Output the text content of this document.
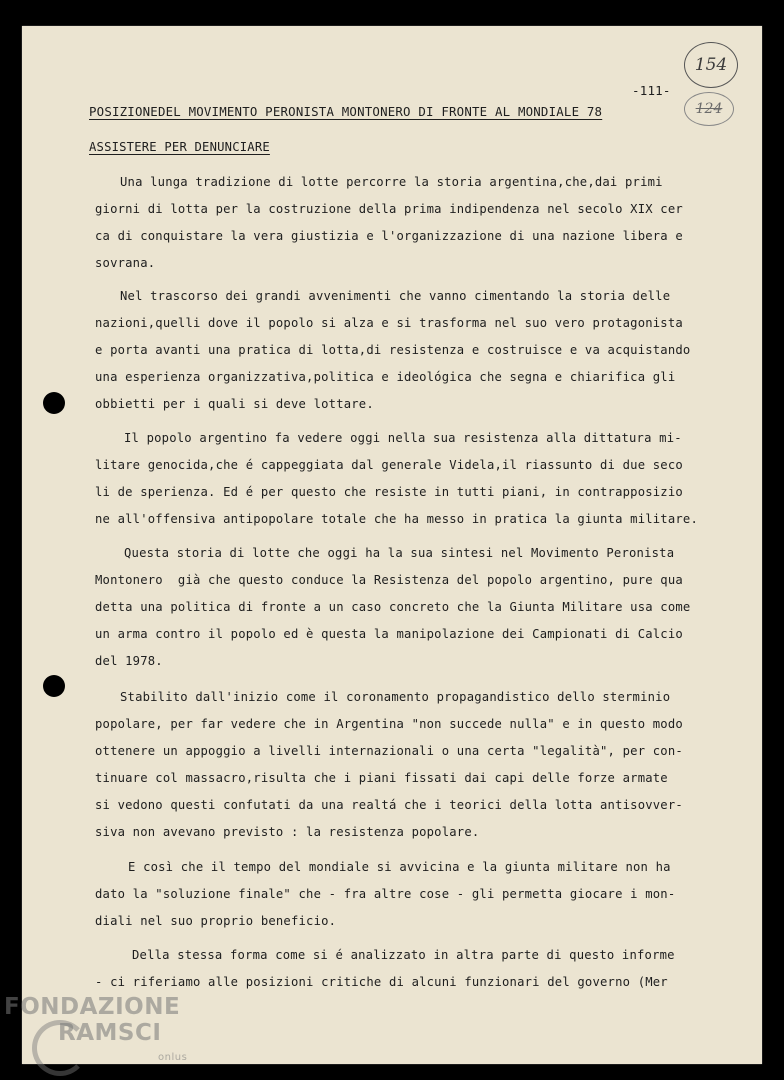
-111-
154
124
POSIZIONEDEL MOVIMENTO PERONISTA MONTONERO DI FRONTE AL MONDIALE 78
ASSISTERE PER DENUNCIARE
Una lunga tradizione di lotte percorre la storia argentina,che,dai primi
giorni di lotta per la costruzione della prima indipendenza nel secolo XIX cer
ca di conquistare la vera giustizia e l'organizzazione di una nazione libera e
sovrana.
Nel trascorso dei grandi avvenimenti che vanno cimentando la storia delle
nazioni,quelli dove il popolo si alza e si trasforma nel suo vero protagonista
e porta avanti una pratica di lotta,di resistenza e costruisce e va acquistando
una esperienza organizzativa,politica e ideológica che segna e chiarifica gli
obbietti per i quali si deve lottare.
Il popolo argentino fa vedere oggi nella sua resistenza alla dittatura mi-
litare genocida,che é cappeggiata dal generale Videla,il riassunto di due seco
li de sperienza. Ed é per questo che resiste in tutti piani, in contrapposizio
ne all'offensiva antipopolare totale che ha messo in pratica la giunta militare.
Questa storia di lotte che oggi ha la sua sintesi nel Movimento Peronista
Montonero  già che questo conduce la Resistenza del popolo argentino, pure qua
detta una politica di fronte a un caso concreto che la Giunta Militare usa come
un arma contro il popolo ed è questa la manipolazione dei Campionati di Calcio
del 1978.
Stabilito dall'inizio come il coronamento propagandistico dello sterminio
popolare, per far vedere che in Argentina "non succede nulla" e in questo modo
ottenere un appoggio a livelli internazionali o una certa "legalità", per con-
tinuare col massacro,risulta che i piani fissati dai capi delle forze armate
si vedono questi confutati da una realtá che i teorici della lotta antisovver-
siva non avevano previsto : la resistenza popolare.
E così che il tempo del mondiale si avvicina e la giunta militare non ha
dato la "soluzione finale" che - fra altre cose - gli permetta giocare i mon-
diali nel suo proprio beneficio.
Della stessa forma come si é analizzato in altra parte di questo informe
- ci riferiamo alle posizioni critiche di alcuni funzionari del governo (Mer
FONDAZIONE
RAMSCI
onlus
